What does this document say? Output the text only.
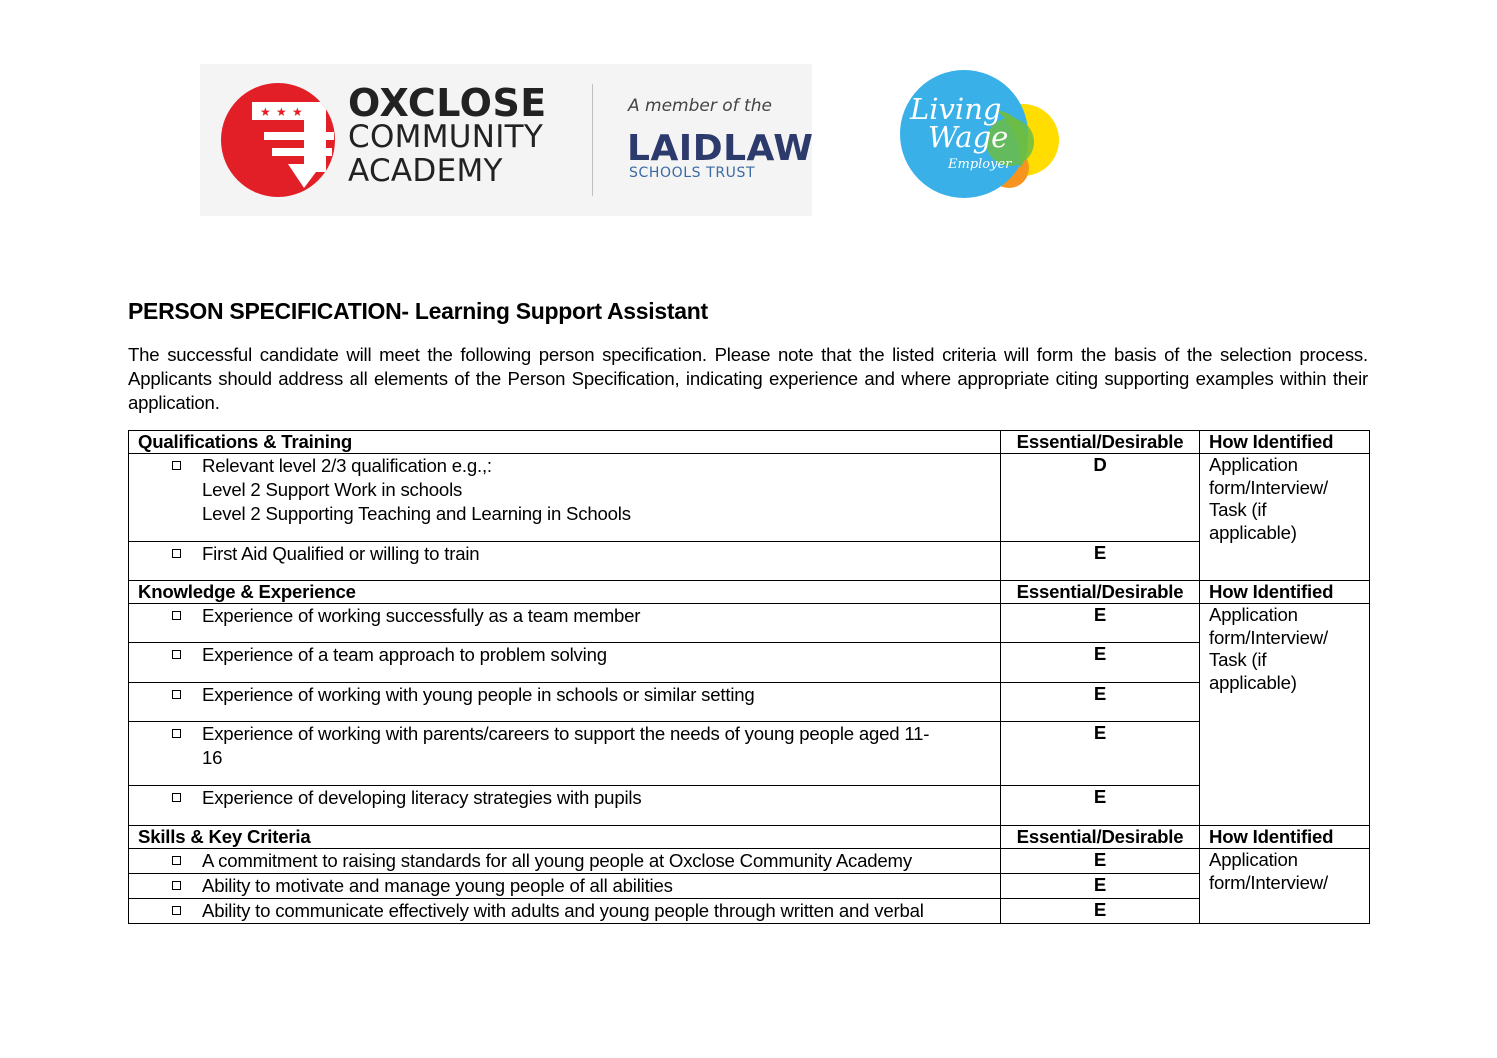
★ ★ ★ OXCLOSE
COMMUNITY
ACADEMY
A member of the
LAIDLAW
SCHOOLS TRUST
Living
Wage
Employer
PERSON SPECIFICATION- Learning Support Assistant

The successful candidate will meet the following person specification. Please note that the listed criteria will form the basis of the selection process. Applicants should address all elements of the Person Specification, indicating experience and where appropriate citing supporting examples within their application.

Qualifications & Training	Essential/Desirable	How Identified

Relevant level 2/3 qualification e.g.,:
Level 2 Support Work in schools
Level 2 Supporting Teaching and Learning in Schools	D	Application
form/Interview/
Task (if
applicable)

First Aid Qualified or willing to train	E	
Knowledge & Experience	Essential/Desirable	How Identified

Experience of working successfully as a team member	E	Application
form/Interview/
Task (if
applicable)

Experience of a team approach to problem solving	E	

Experience of working with young people in schools or similar setting	E	

Experience of working with parents/careers to support the needs of young people aged 11-
16	E	

Experience of developing literacy strategies with pupils	E	
Skills & Key Criteria	Essential/Desirable	How Identified

A commitment to raising standards for all young people at Oxclose Community Academy	E	Application
form/Interview/

Ability to motivate and manage young people of all abilities	E	

Ability to communicate effectively with adults and young people through written and verbal	E	
